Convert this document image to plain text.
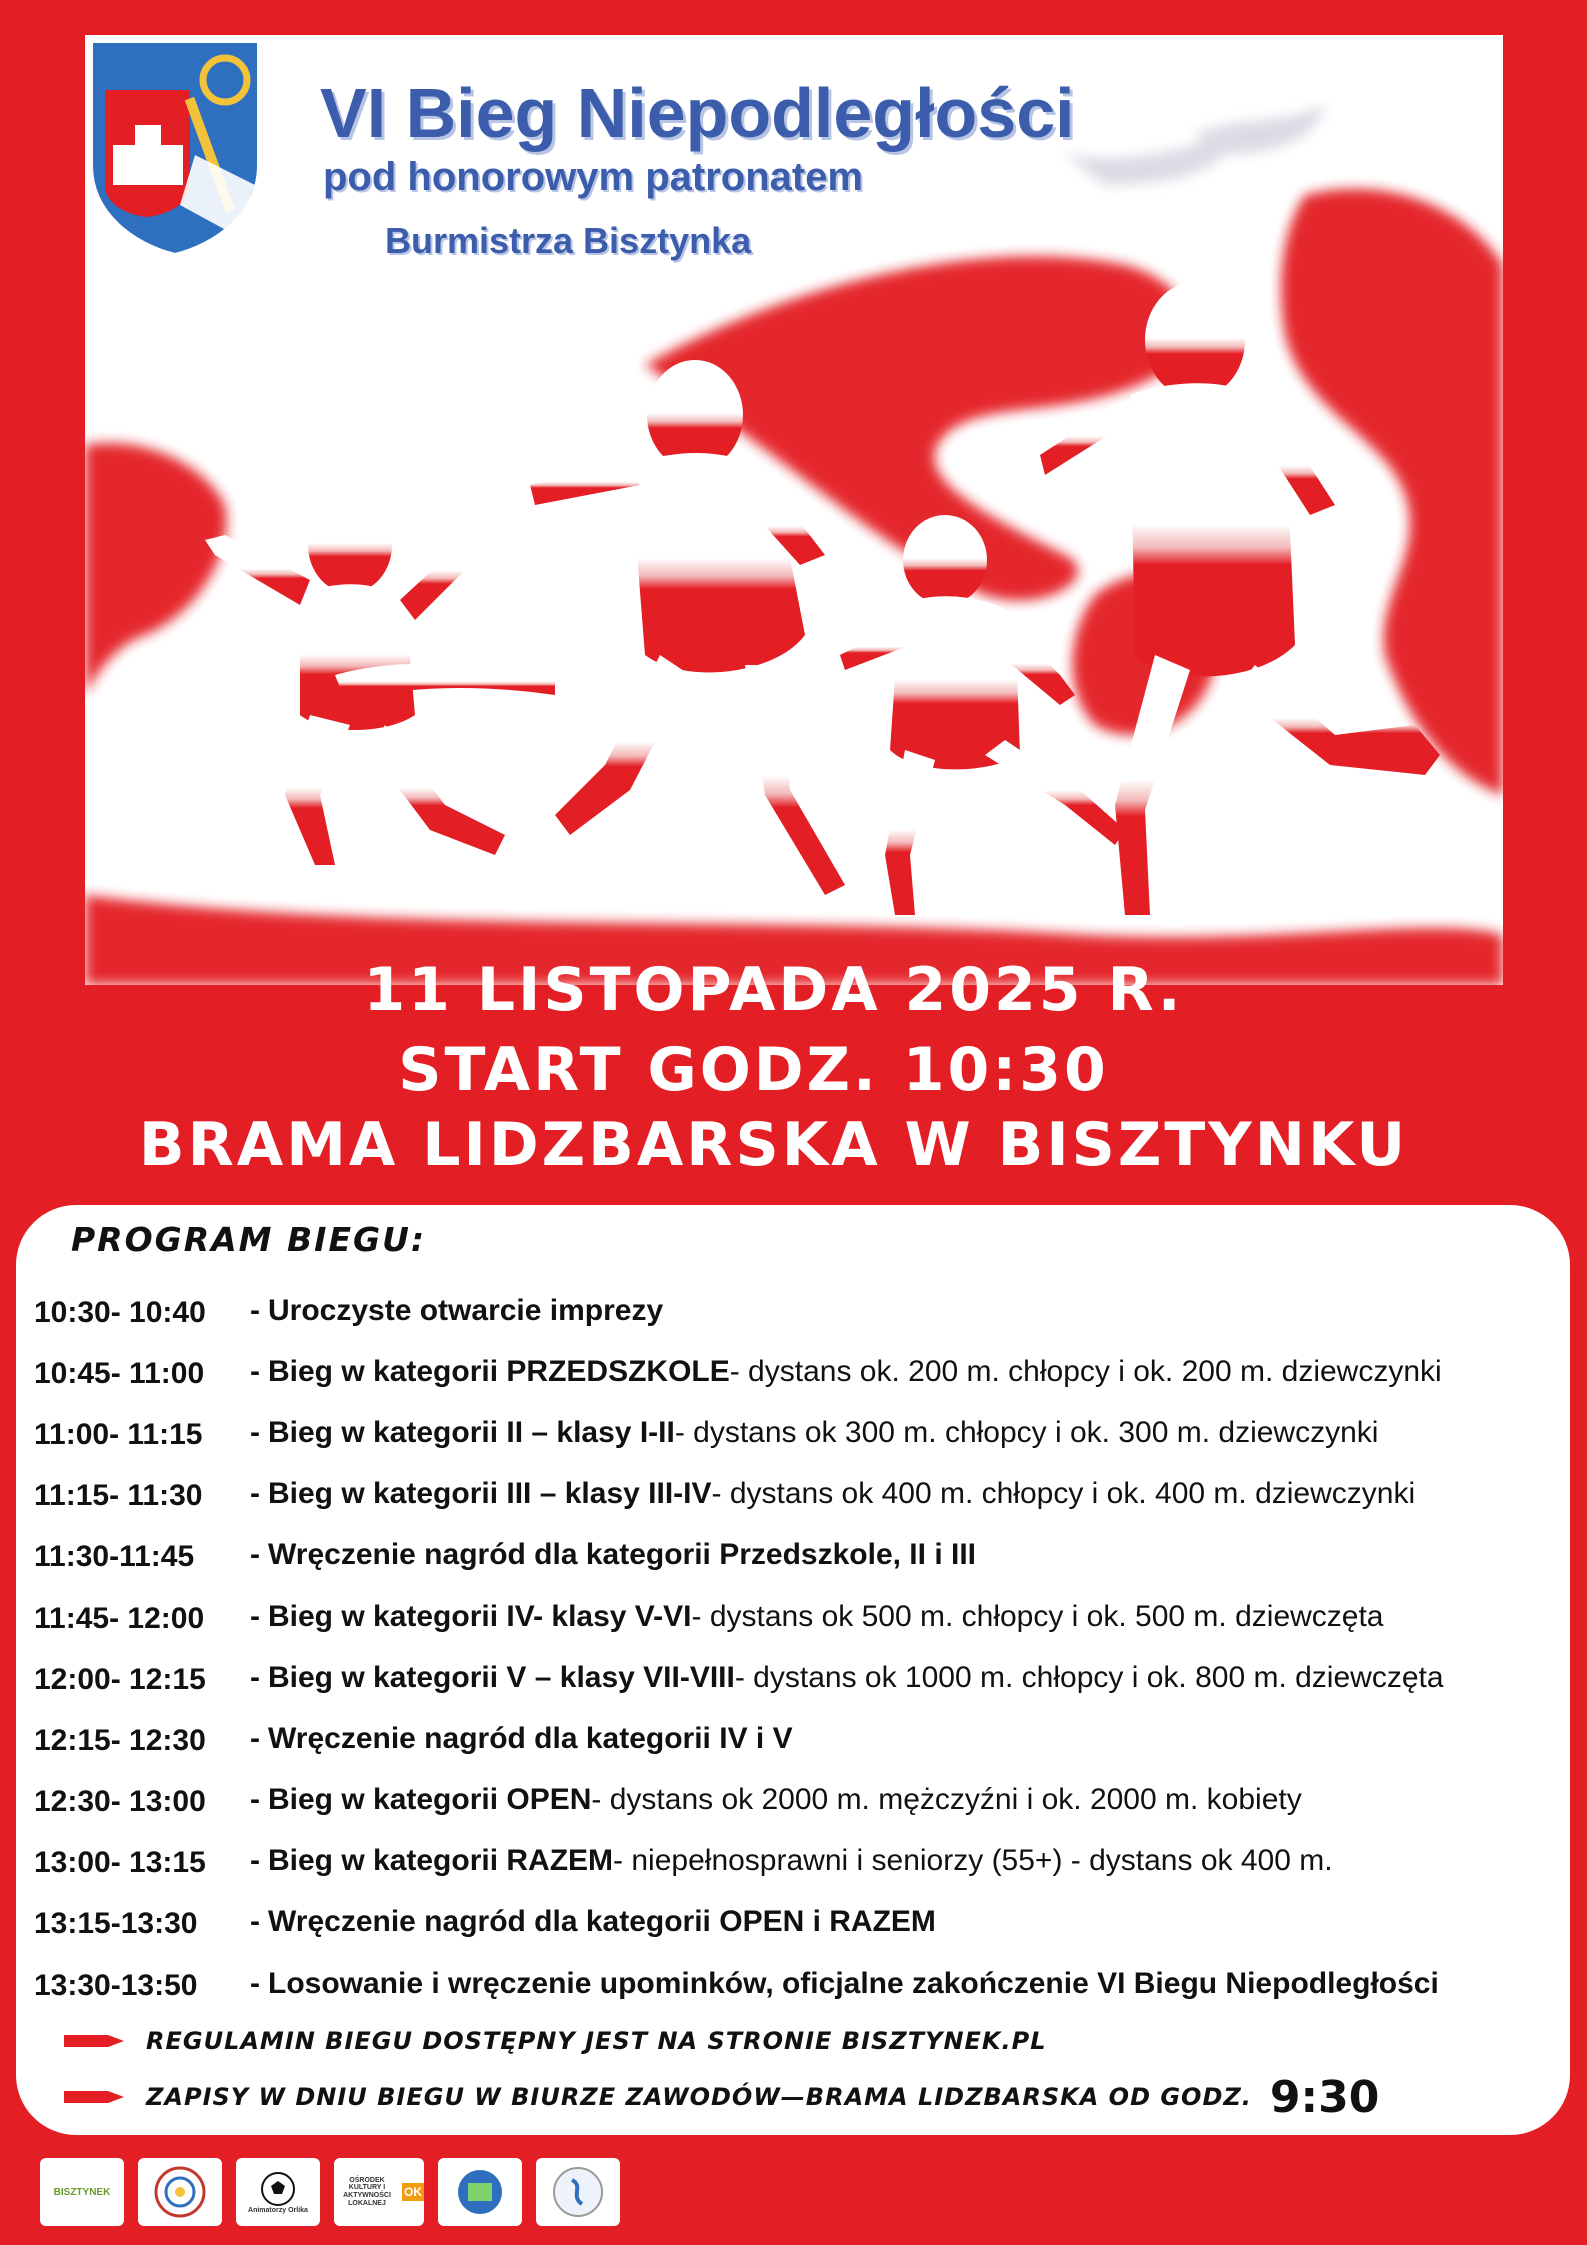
VI Bieg Niepodległości
pod honorowym patronatem
Burmistrza Bisztynka
11 LISTOPADA 2025 R.
START GODZ. 10:30
BRAMA LIDZBARSKA W BISZTYNKU
PROGRAM BIEGU:
10:30- 10:40	- Uroczyste otwarcie imprezy
10:45- 11:00	- Bieg w kategorii PRZEDSZKOLE - dystans ok. 200 m. chłopcy i ok. 200 m. dziewczynki
11:00- 11:15	- Bieg w kategorii II – klasy I-II - dystans ok 300 m. chłopcy i ok. 300 m. dziewczynki
11:15- 11:30	- Bieg w kategorii III – klasy III-IV - dystans ok 400 m. chłopcy i ok. 400 m. dziewczynki
11:30-11:45	- Wręczenie nagród dla kategorii Przedszkole, II i III
11:45- 12:00	- Bieg w kategorii IV- klasy V-VI - dystans ok 500 m. chłopcy i ok. 500 m. dziewczęta
12:00- 12:15	- Bieg w kategorii V – klasy VII-VIII - dystans ok 1000 m. chłopcy i ok. 800 m. dziewczęta
12:15- 12:30	- Wręczenie nagród dla kategorii IV i V
12:30- 13:00	- Bieg w kategorii OPEN - dystans ok 2000 m. mężczyźni i ok. 2000 m. kobiety
13:00- 13:15	- Bieg w kategorii RAZEM - niepełnosprawni i seniorzy (55+) - dystans ok 400 m.
13:15-13:30	- Wręczenie nagród dla kategorii OPEN i RAZEM
13:30-13:50	- Losowanie i wręczenie upominków, oficjalne zakończenie VI Biegu Niepodległości
REGULAMIN BIEGU DOSTĘPNY JEST NA STRONIE BISZTYNEK.PL
ZAPISY W DNIU BIEGU W BIURZE ZAWODÓW—BRAMA LIDZBARSKA OD GODZ. 9:30
BISZTYNEK
Animatorzy Orlika
OŚRODEK KULTURY I AKTYWNOŚCI LOKALNEJ
OK
